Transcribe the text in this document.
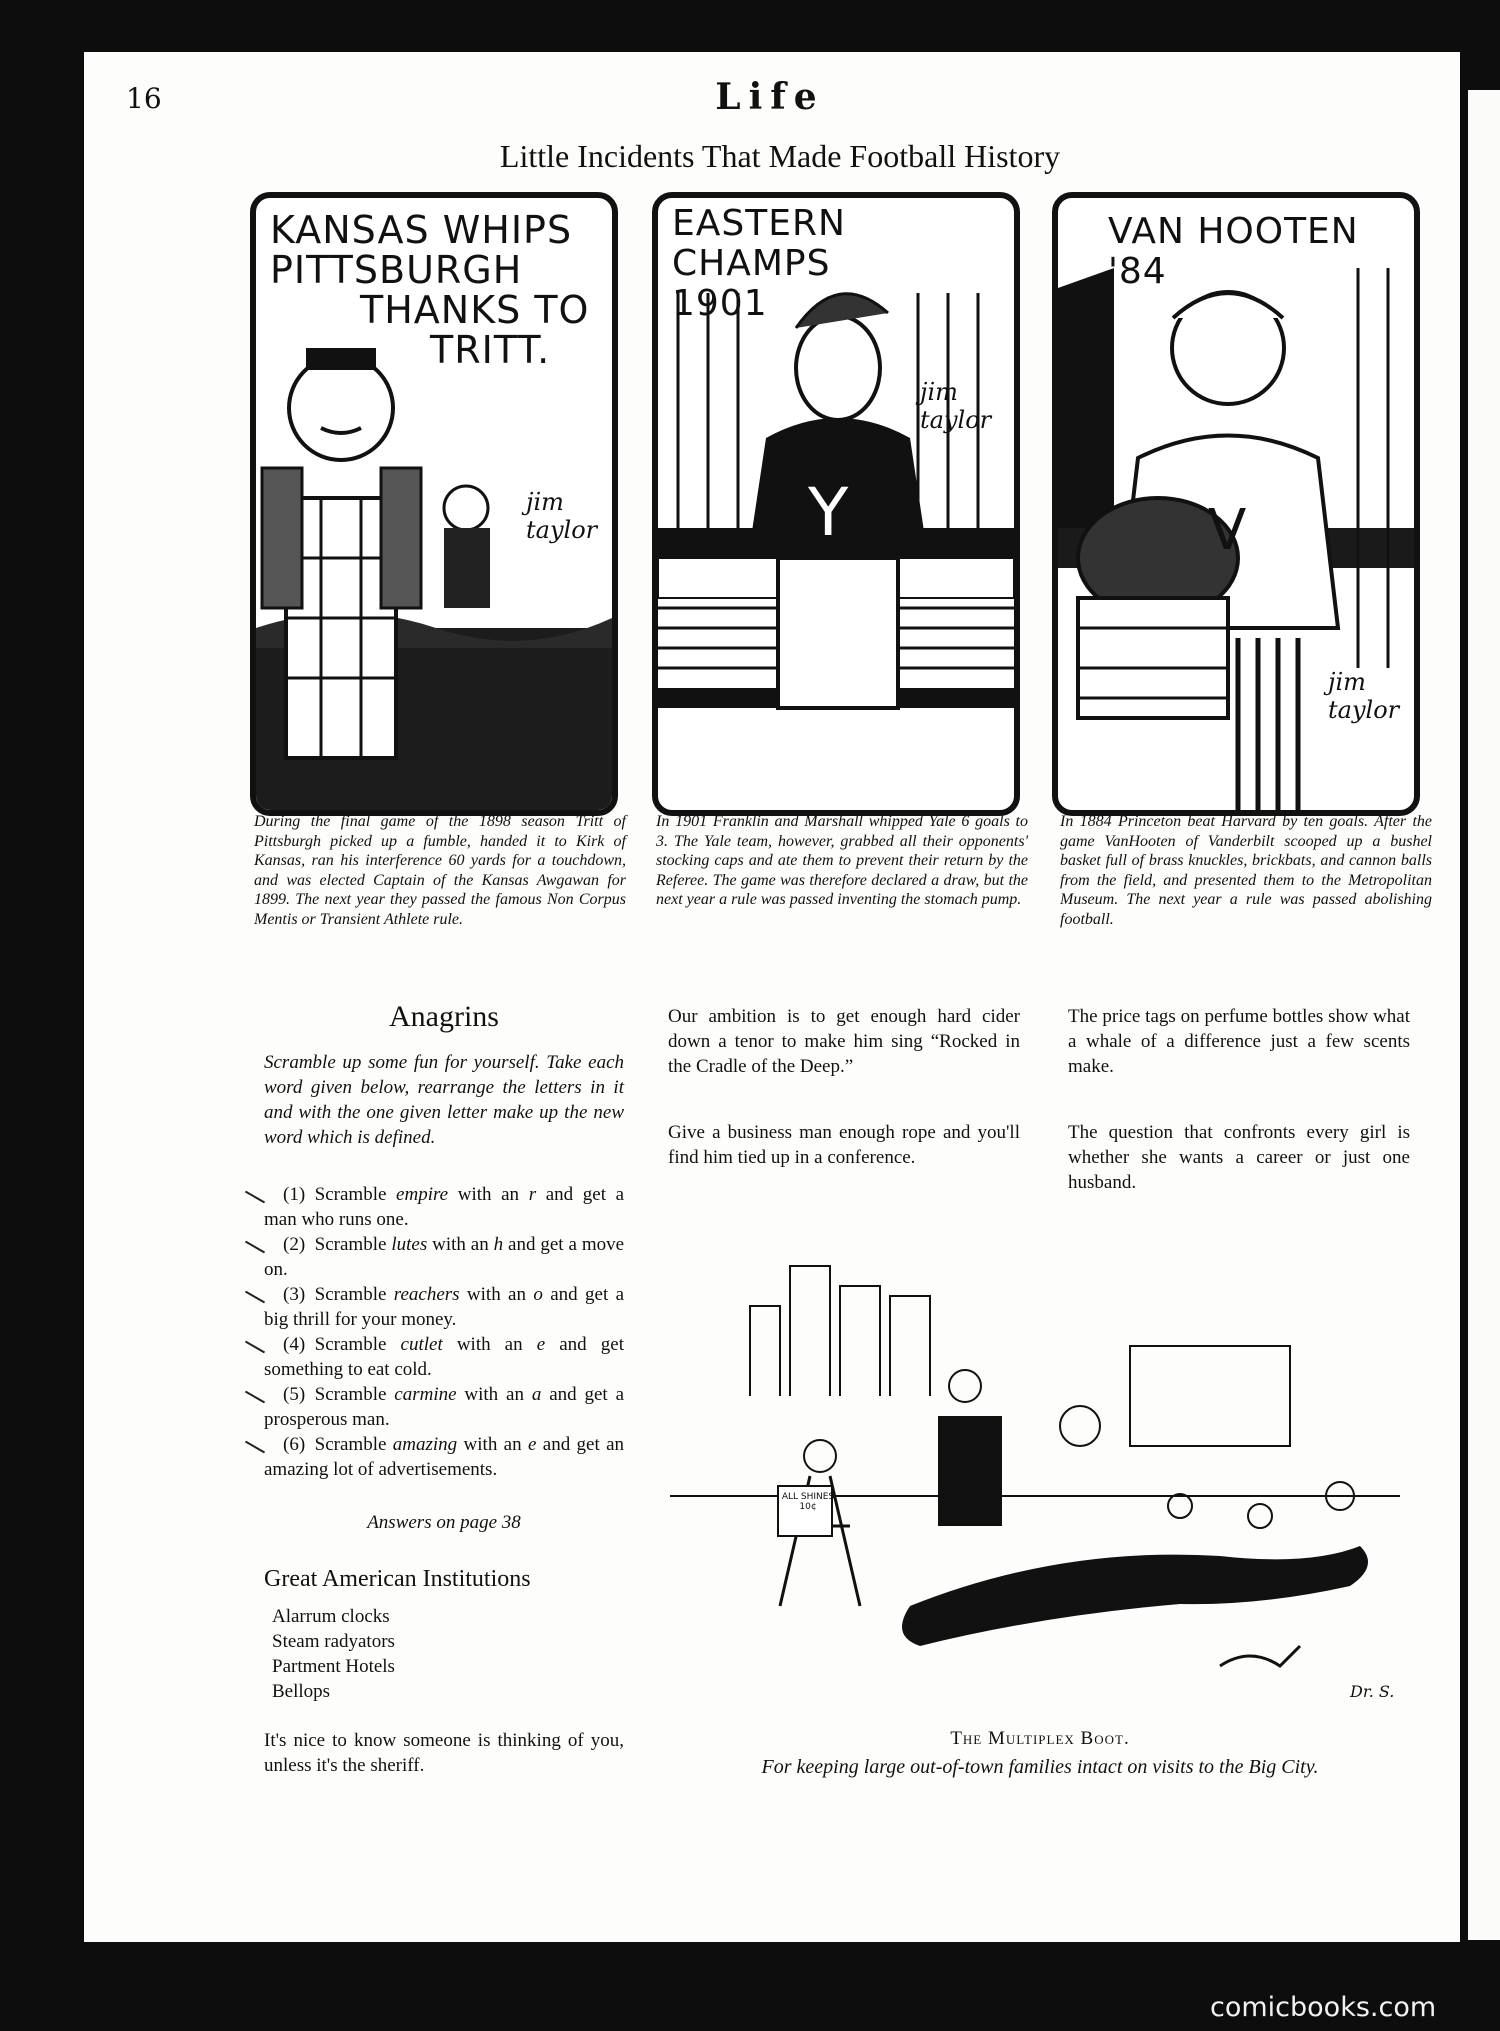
16	Life
Little Incidents That Made Football History
KANSAS WHIPS
PITTSBURGH
THANKS TO
TRITT.
jim taylor
EASTERN CHAMPS
1901
Y
jim taylor
VAN HOOTEN
'84
V
jim taylor
During the final game of the 1898 season Tritt of Pittsburgh picked up a fumble, handed it to Kirk of Kansas, ran his interference 60 yards for a touchdown, and was elected Captain of the Kansas Awgawan for 1899. The next year they passed the famous Non Corpus Mentis or Transient Athlete rule.
In 1901 Franklin and Marshall whipped Yale 6 goals to 3. The Yale team, however, grabbed all their opponents' stocking caps and ate them to prevent their return by the Referee. The game was therefore declared a draw, but the next year a rule was passed inventing the stomach pump.
In 1884 Princeton beat Harvard by ten goals. After the game VanHooten of Vanderbilt scooped up a bushel basket full of brass knuckles, brickbats, and cannon balls from the field, and presented them to the Metropolitan Museum. The next year a rule was passed abolishing football.
Anagrins
Scramble up some fun for yourself. Take each word given below, rearrange the letters in it and with the one given letter make up the new word which is defined.
 (1)  Scramble empire with an r and get a man who runs one.
 (2)  Scramble lutes with an h and get a move on.
 (3)  Scramble reachers with an o and get a big thrill for your money.
 (4)  Scramble cutlet with an e and get something to eat cold.
 (5)  Scramble carmine with an a and get a prosperous man.
 (6)  Scramble amazing with an e and get an amazing lot of advertisements.
Answers on page 38
Great American Institutions
Alarrum clocks
Steam radyators
Partment Hotels
Bellops
It's nice to know someone is thinking of you, unless it's the sheriff.
Our ambition is to get enough hard cider down a tenor to make him sing “Rocked in the Cradle of the Deep.”
Give a business man enough rope and you'll find him tied up in a conference.
The price tags on perfume bottles show what a whale of a difference just a few scents make.
The question that confronts every girl is whether she wants a career or just one husband.
ALL SHINES 10¢
Dr. S.
The Multiplex Boot.
For keeping large out-of-town families intact on visits to the Big City.
comicbooks.com
